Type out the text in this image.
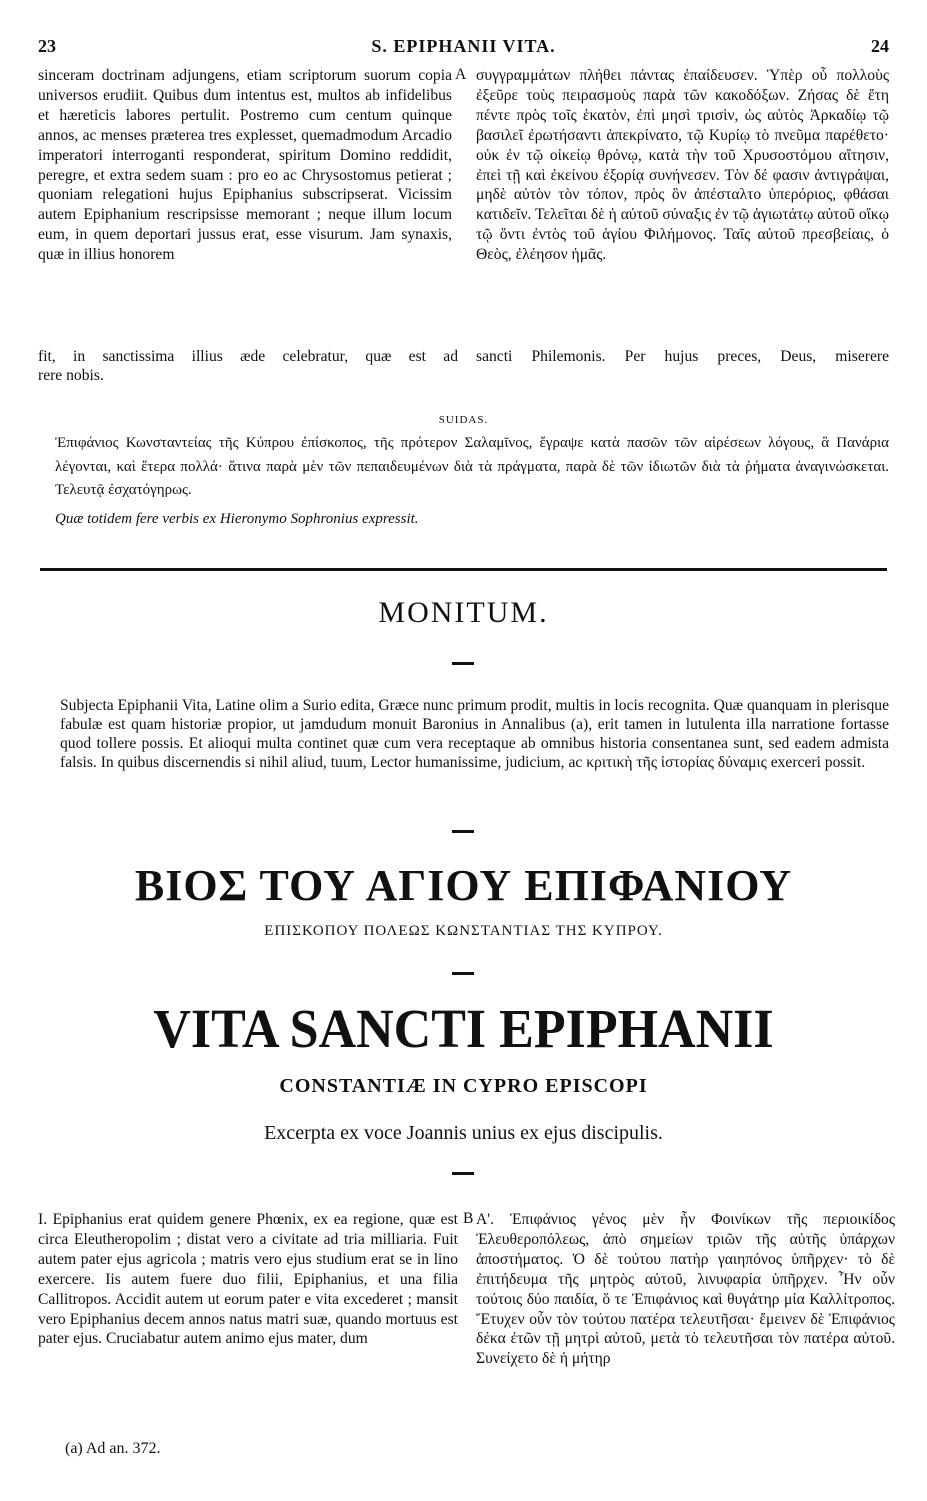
23	S. EPIPHANII VITA.	24
sinceram doctrinam adjungens, etiam scriptorum suorum copia universos erudiit. Quibus dum intentus est, multos ab infidelibus et hæreticis labores pertulit. Postremo cum centum quinque annos, ac menses præterea tres explesset, quemadmodum Arcadio imperatori interroganti responderat, spiritum Domino reddidit, peregre, et extra sedem suam : pro eo ac Chrysostomus petierat ; quoniam relegationi hujus Epiphanius subscripserat. Vicissim autem Epiphanium rescripsisse memorant ; neque illum locum eum, in quem deportari jussus erat, esse visurum. Jam synaxis, quæ in illius honorem
A συγγραμμάτων πλήθει πάντας ἐπαίδευσεν. Ὑπὲρ οὗ πολλοὺς ἐξεῦρε τοὺς πειρασμοὺς παρὰ τῶν κακοδόξων. Ζήσας δὲ ἔτη πέντε πρὸς τοῖς ἑκατὸν, ἐπὶ μησὶ τρισὶν, ὡς αὐτὸς Ἀρκαδίῳ τῷ βασιλεῖ ἐρωτήσαντι ἀπεκρίνατο, τῷ Κυρίῳ τὸ πνεῦμα παρέθετο· οὐκ ἐν τῷ οἰκείῳ θρόνῳ, κατὰ τὴν τοῦ Χρυσοστόμου αἴτησιν, ἐπεὶ τῇ καὶ ἐκείνου ἐξορίᾳ συνήνεσεν. Τὸν δέ φασιν ἀντιγράψαι, μηδὲ αὐτὸν τὸν τόπον, πρὸς ὃν ἀπέσταλτο ὑπερόριος, φθάσαι κατιδεῖν. Τελεῖται δὲ ἡ αὐτοῦ σύναξις ἐν τῷ ἁγιωτάτῳ αὐτοῦ οἴκῳ τῷ ὄντι ἐντὸς τοῦ ἁγίου Φιλήμονος. Ταῖς αὐτοῦ πρεσβείαις, ὁ Θεὸς, ἐλέησον ἡμᾶς.
fit, in sanctissima illius æde celebratur, quæ est ad sancti Philemonis. Per hujus preces, Deus, miserere
rere nobis.
SUIDAS.
Ἐπιφάνιος Κωνσταντείας τῆς Κύπρου ἐπίσκοπος, τῆς πρότερον Σαλαμῖνος, ἔγραψε κατὰ πασῶν τῶν αἱρέσεων λόγους, ἃ Πανάρια λέγονται, καὶ ἕτερα πολλά· ἅτινα παρὰ μὲν τῶν πεπαιδευμένων διὰ τὰ πράγματα, παρὰ δὲ τῶν ἰδιωτῶν διὰ τὰ ῥήματα ἀναγινώσκεται. Τελευτᾷ ἐσχατόγηρως.
Quæ totidem fere verbis ex Hieronymo Sophronius expressit.
MONITUM.
Subjecta Epiphanii Vita, Latine olim a Surio edita, Græce nunc primum prodit, multis in locis recognita. Quæ quanquam in plerisque fabulæ est quam historiæ propior, ut jamdudum monuit Baronius in Annalibus (a), erit tamen in lutulenta illa narratione fortasse quod tollere possis. Et alioqui multa continet quæ cum vera receptaque ab omnibus historia consentanea sunt, sed eadem admista falsis. In quibus discernendis si nihil aliud, tuum, Lector humanissime, judicium, ac κριτικὴ τῆς ἱστορίας δύναμις exerceri possit.
ΒΙΟΣ ΤΟΥ ΑΓΙΟΥ ΕΠΙΦΑΝΙΟΥ
ΕΠΙΣΚΟΠΟΥ ΠΟΛΕΩΣ ΚΩΝΣΤΑΝΤΙΑΣ ΤΗΣ ΚΥΠΡΟΥ.
VITA SANCTI EPIPHANII
CONSTANTIÆ IN CYPRO EPISCOPI
Excerpta ex voce Joannis unius ex ejus discipulis.
I. Epiphanius erat quidem genere Phœnix, ex ea regione, quæ est circa Eleutheropolim ; distat vero a civitate ad tria milliaria. Fuit autem pater ejus agricola ; matris vero ejus studium erat se in lino exercere. Iis autem fuere duo filii, Epiphanius, et una filia Callitropos. Accidit autem ut eorum pater e vita excederet ; mansit vero Epiphanius decem annos natus matri suæ, quando mortuus est pater ejus. Cruciabatur autem animo ejus mater, dum
B Α'. Ἐπιφάνιος γένος μὲν ἦν Φοινίκων τῆς περιοικίδος Ἐλευθεροπόλεως, ἀπὸ σημείων τριῶν τῆς αὐτῆς ὑπάρχων ἀποστήματος. Ὁ δὲ τούτου πατὴρ γαιηπόνος ὑπῆρχεν· τὸ δὲ ἐπιτήδευμα τῆς μητρὸς αὐτοῦ, λινυφαρία ὑπῆρχεν. Ἦν οὖν τούτοις δύο παιδία, ὅ τε Ἐπιφάνιος καὶ θυγάτηρ μία Καλλίτροπος. Ἔτυχεν οὖν τὸν τούτου πατέρα τελευτῆσαι· ἔμεινεν δὲ Ἐπιφάνιος δέκα ἐτῶν τῇ μητρὶ αὐτοῦ, μετὰ τὸ τελευτῆσαι τὸν πατέρα αὐτοῦ. Συνείχετο δὲ ἡ μήτηρ
(a) Ad an. 372.
